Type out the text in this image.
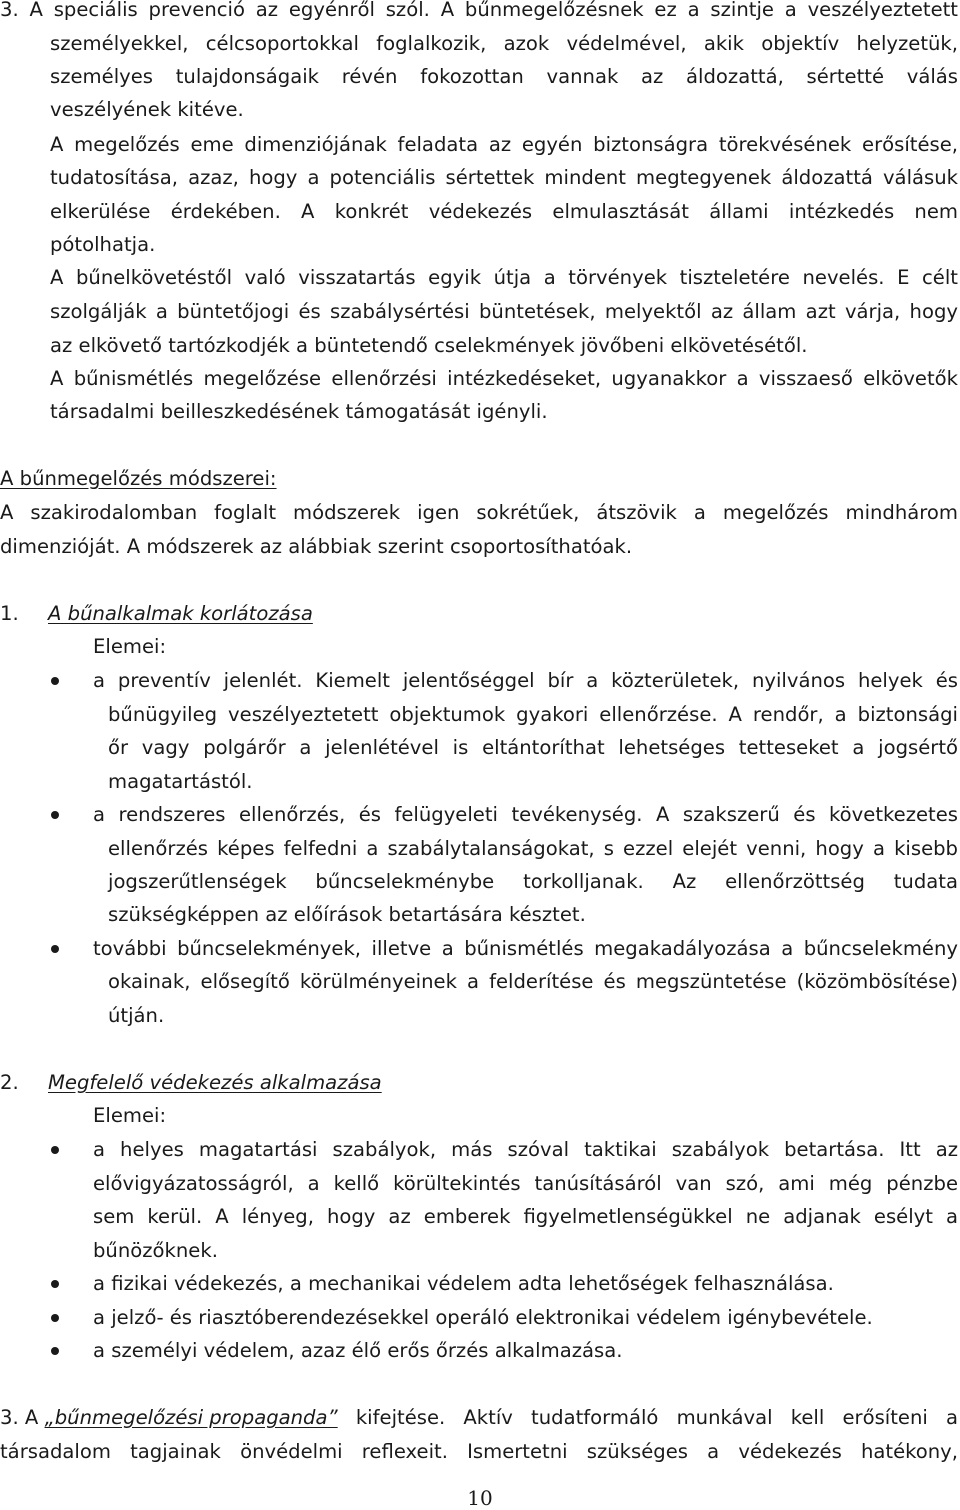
3. A speciális prevenció az egyénről szól. A bűnmegelőzésnek ez a szintje a veszélyeztetett
személyekkel, célcsoportokkal foglalkozik, azok védelmével, akik objektív helyzetük,
személyes tulajdonságaik révén fokozottan vannak az áldozattá, sértetté válás
veszélyének kitéve.
A megelőzés eme dimenziójának feladata az egyén biztonságra törekvésének erősítése,
tudatosítása, azaz, hogy a potenciális sértettek mindent megtegyenek áldozattá válásuk
elkerülése érdekében. A konkrét védekezés elmulasztását állami intézkedés nem
pótolhatja.
A bűnelkövetéstől való visszatartás egyik útja a törvények tiszteletére nevelés. E célt
szolgálják a büntetőjogi és szabálysértési büntetések, melyektől az állam azt várja, hogy
az elkövető tartózkodjék a büntetendő cselekmények jövőbeni elkövetésétől.
A bűnismétlés megelőzése ellenőrzési intézkedéseket, ugyanakkor a visszaeső elkövetők
társadalmi beilleszkedésének támogatását igényli.
A bűnmegelőzés módszerei:
A szakirodalomban foglalt módszerek igen sokrétűek, átszövik a megelőzés mindhárom
dimenzióját. A módszerek az alábbiak szerint csoportosíthatóak.
1. A bűnalkalmak korlátozása
Elemei:
a preventív jelenlét. Kiemelt jelentőséggel bír a közterületek, nyilvános helyek és
bűnügyileg veszélyeztetett objektumok gyakori ellenőrzése. A rendőr, a biztonsági
őr vagy polgárőr a jelenlétével is eltántoríthat lehetséges tetteseket a jogsértő
magatartástól.
a rendszeres ellenőrzés, és felügyeleti tevékenység. A szakszerű és következetes
ellenőrzés képes felfedni a szabálytalanságokat, s ezzel elejét venni, hogy a kisebb
jogszerűtlenségek bűncselekménybe torkolljanak. Az ellenőrzöttség tudata
szükségképpen az előírások betartására késztet.
további bűncselekmények, illetve a bűnismétlés megakadályozása a bűncselekmény
okainak, elősegítő körülményeinek a felderítése és megszüntetése (közömbösítése)
útján.
2. Megfelelő védekezés alkalmazása
Elemei:
a helyes magatartási szabályok, más szóval taktikai szabályok betartása. Itt az
elővigyázatosságról, a kellő körültekintés tanúsításáról van szó, ami még pénzbe
sem kerül. A lényeg, hogy az emberek figyelmetlenségükkel ne adjanak esélyt a
bűnözőknek.
a fizikai védekezés, a mechanikai védelem adta lehetőségek felhasználása.
a jelző- és riasztóberendezésekkel operáló elektronikai védelem igénybevétele.
a személyi védelem, azaz élő erős őrzés alkalmazása.
3. A „bűnmegelőzési propaganda” kifejtése. Aktív tudatformáló munkával kell erősíteni a
társadalom tagjainak önvédelmi reflexeit. Ismertetni szükséges a védekezés hatékony,
10
